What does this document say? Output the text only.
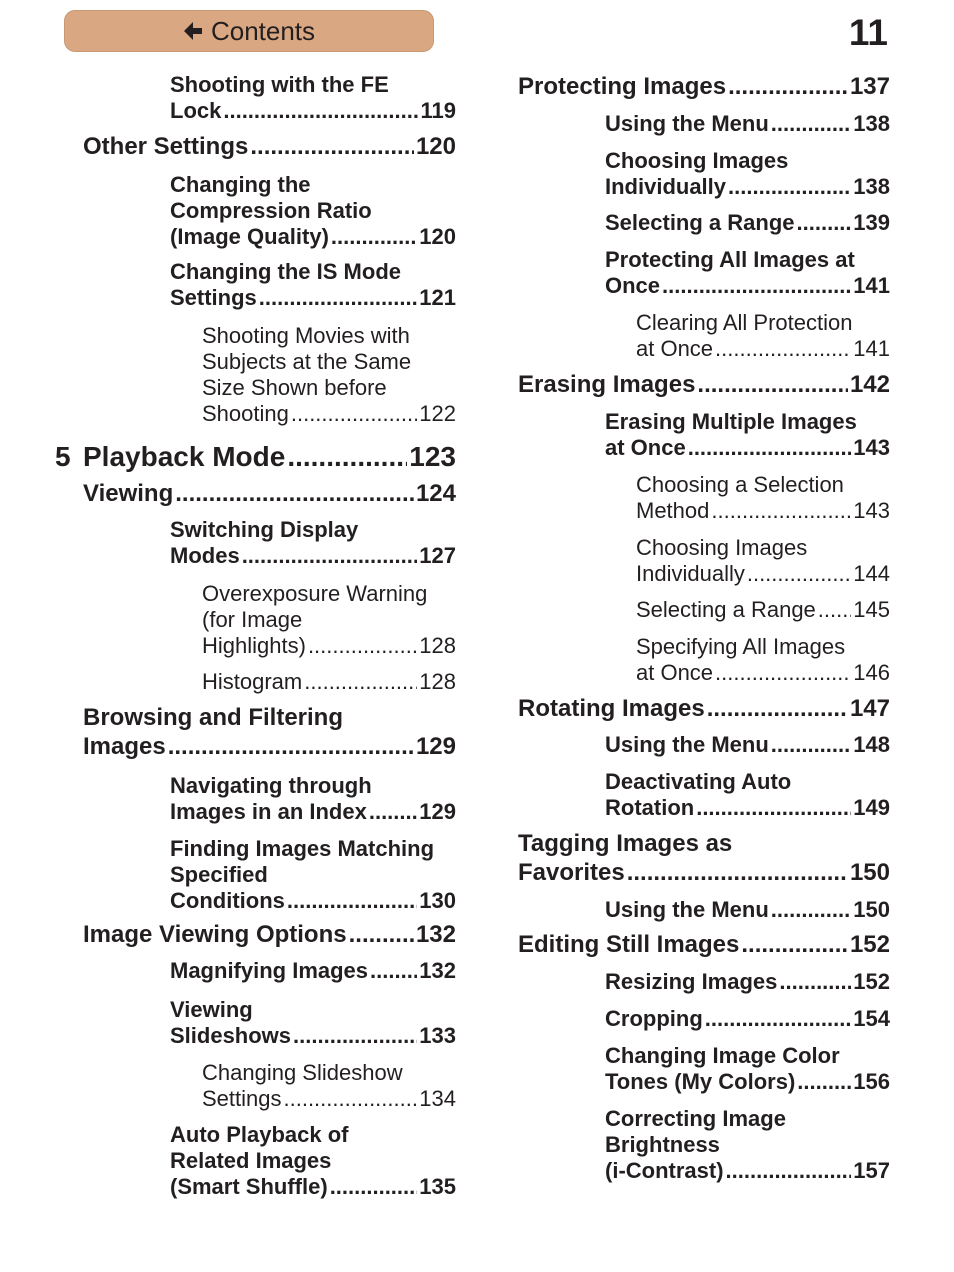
Contents	11
Shooting with the FE
Lock .....	119
Other Settings .....	120
Changing the
Compression Ratio
(Image Quality) .....	120
Changing the IS Mode
Settings .....	121
Shooting Movies with
Subjects at the Same
Size Shown before
Shooting .....	122
5 Playback Mode .....	123
Viewing .....	124
Switching Display
Modes .....	127
Overexposure Warning
(for Image
Highlights) .....	128
Histogram .....	128
Browsing and Filtering
Images .....	129
Navigating through
Images in an Index ..... 129
Finding Images Matching
Specified
Conditions .....	130
Image Viewing Options .....	132
Magnifying Images ..... 132
Viewing
Slideshows .....	133
Changing Slideshow
Settings .....	134
Auto Playback of
Related Images
(Smart Shuffle) .....	135
Protecting Images .....	137
Using the Menu .....	138
Choosing Images
Individually .....	138
Selecting a Range .....	139
Protecting All Images at
Once .....	141
Clearing All Protection
at Once .....	141
Erasing Images .....	142
Erasing Multiple Images
at Once .....	143
Choosing a Selection
Method .....	143
Choosing Images
Individually .....	144
Selecting a Range ..... 145
Specifying All Images
at Once .....	146
Rotating Images .....	147
Using the Menu .....	148
Deactivating Auto
Rotation .....	149
Tagging Images as
Favorites .....	150
Using the Menu .....	150
Editing Still Images .....	152
Resizing Images .....	152
Cropping .....	154
Changing Image Color
Tones (My Colors) .....	156
Correcting Image
Brightness
(i-Contrast) .....	157
